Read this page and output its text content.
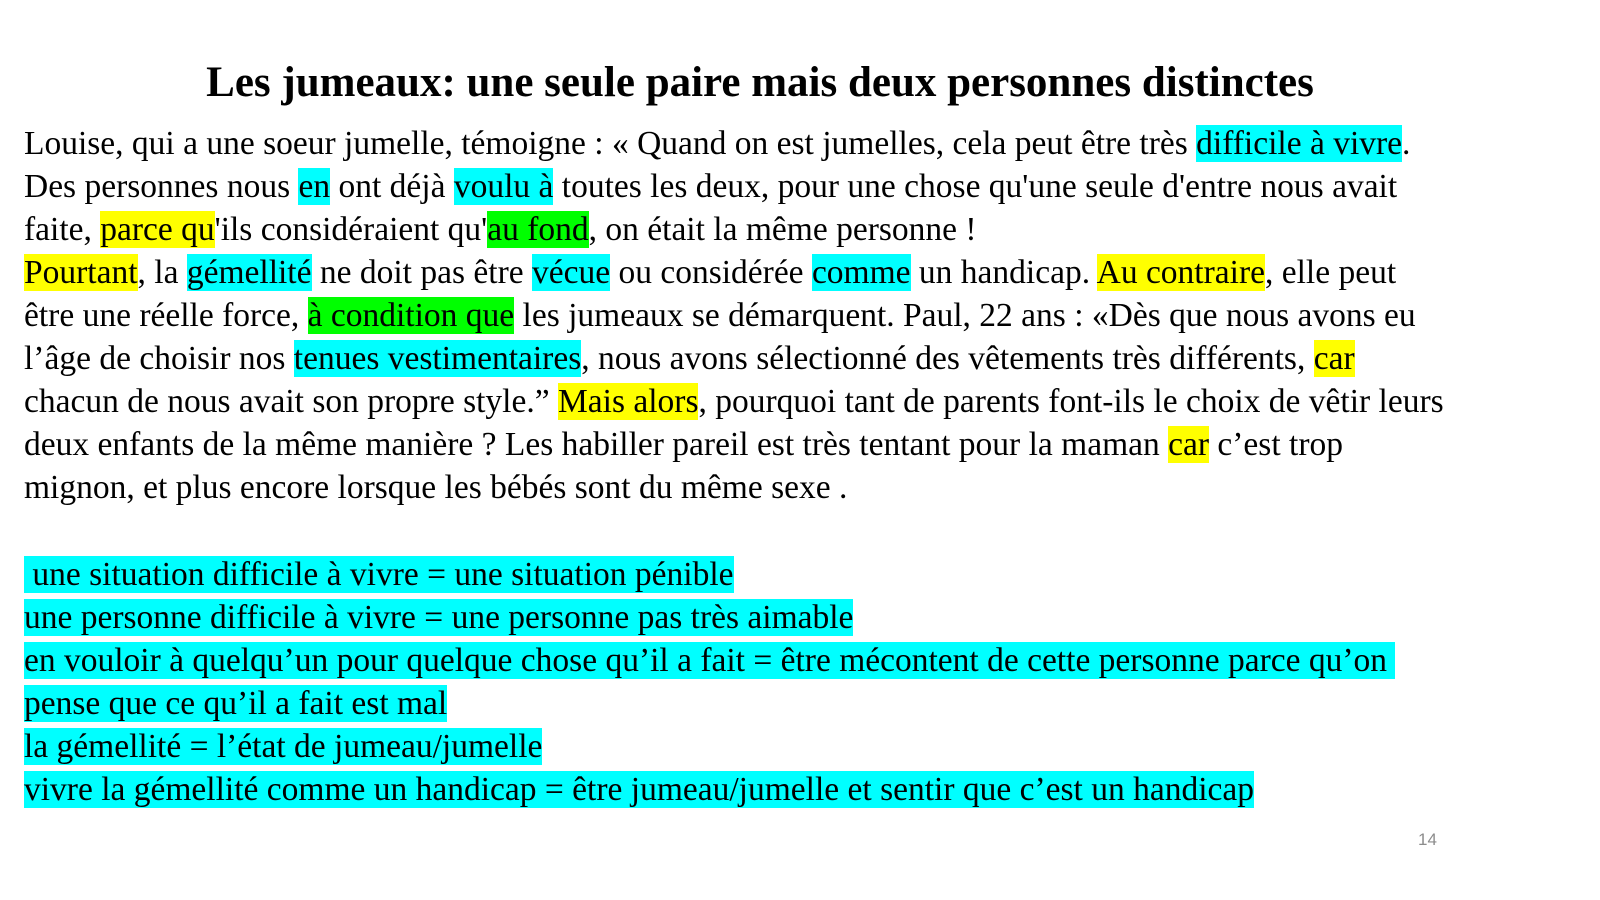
Les jumeaux: une seule paire mais deux personnes distinctes
Louise, qui a une soeur jumelle, témoigne : « Quand on est jumelles, cela peut être très difficile à vivre.
Des personnes nous en ont déjà voulu à toutes les deux, pour une chose qu'une seule d'entre nous avait
faite, parce qu'ils considéraient qu'au fond, on était la même personne !
Pourtant, la gémellité ne doit pas être vécue ou considérée comme un handicap. Au contraire, elle peut
être une réelle force, à condition que les jumeaux se démarquent. Paul, 22 ans : «Dès que nous avons eu
l’âge de choisir nos tenues vestimentaires, nous avons sélectionné des vêtements très différents, car
chacun de nous avait son propre style.” Mais alors, pourquoi tant de parents font-ils le choix de vêtir leurs
deux enfants de la même manière ? Les habiller pareil est très tentant pour la maman car c’est trop
mignon, et plus encore lorsque les bébés sont du même sexe .
une situation difficile à vivre = une situation pénible
une personne difficile à vivre = une personne pas très aimable
en vouloir à quelqu’un pour quelque chose qu’il a fait = être mécontent de cette personne parce qu’on
pense que ce qu’il a fait est mal
la gémellité = l’état de jumeau/jumelle
vivre la gémellité comme un handicap = être jumeau/jumelle et sentir que c’est un handicap
14
